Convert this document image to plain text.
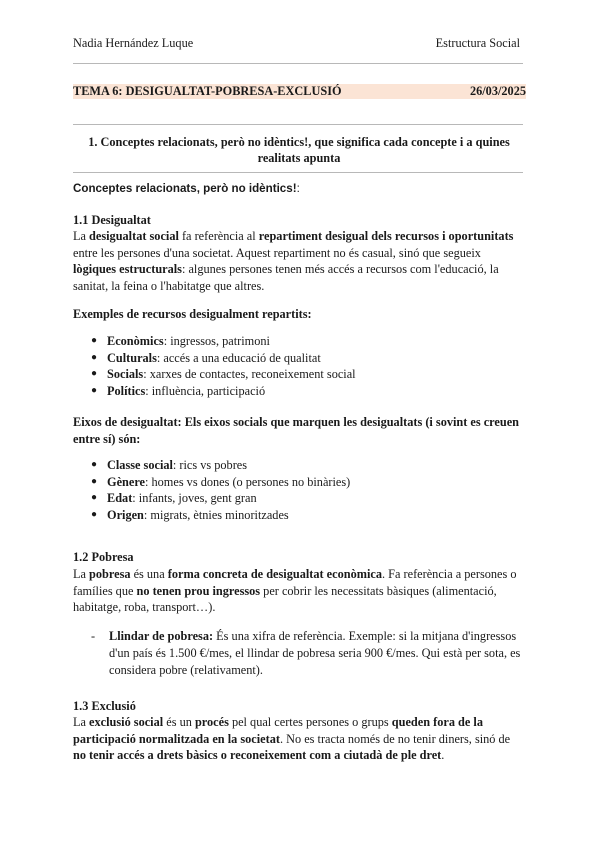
Nadia Hernández Luque	Estructura Social
TEMA 6: DESIGUALTAT-POBRESA-EXCLUSIÓ	26/03/2025
1. Conceptes relacionats, però no idèntics!, que significa cada concepte i a quines realitats apunta
Conceptes relacionats, però no idèntics!:
1.1 Desigualtat
La desigualtat social fa referència al repartiment desigual dels recursos i oportunitats entre les persones d'una societat. Aquest repartiment no és casual, sinó que segueix lògiques estructurals: algunes persones tenen més accés a recursos com l'educació, la sanitat, la feina o l'habitatge que altres.
Exemples de recursos desigualment repartits:
● Econòmics: ingressos, patrimoni
● Culturals: accés a una educació de qualitat
● Socials: xarxes de contactes, reconeixement social
● Polítics: influència, participació
Eixos de desigualtat: Els eixos socials que marquen les desigualtats (i sovint es creuen entre sí) són:
● Classe social: rics vs pobres
● Gènere: homes vs dones (o persones no binàries)
● Edat: infants, joves, gent gran
● Origen: migrats, ètnies minoritzades
1.2 Pobresa
La pobresa és una forma concreta de desigualtat econòmica. Fa referència a persones o famílies que no tenen prou ingressos per cobrir les necessitats bàsiques (alimentació, habitatge, roba, transport…).
- Llindar de pobresa: És una xifra de referència. Exemple: si la mitjana d'ingressos d'un país és 1.500 €/mes, el llindar de pobresa seria 900 €/mes. Qui està per sota, es considera pobre (relativament).
1.3 Exclusió
La exclusió social és un procés pel qual certes persones o grups queden fora de la participació normalitzada en la societat. No es tracta només de no tenir diners, sinó de no tenir accés a drets bàsics o reconeixement com a ciutadà de ple dret.
